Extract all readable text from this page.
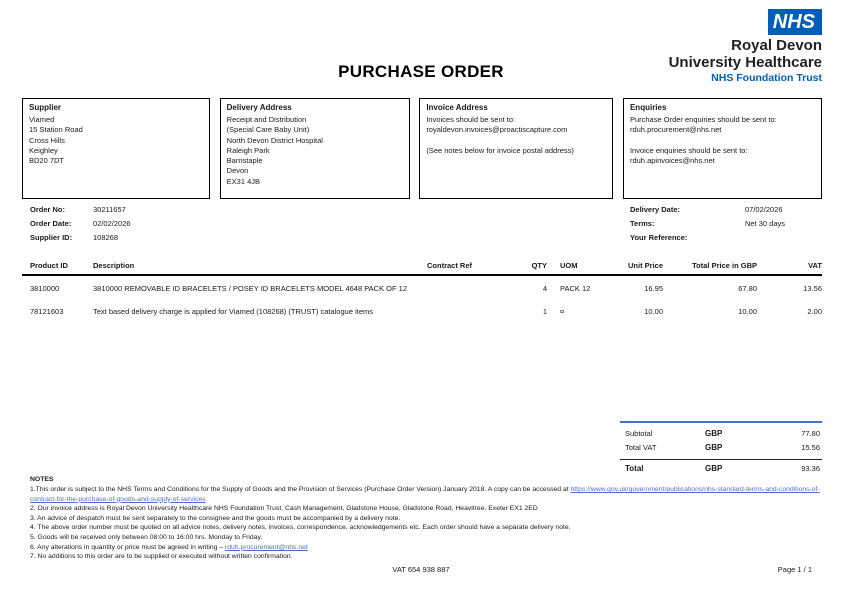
NHS
Royal Devon
University Healthcare
NHS Foundation Trust
PURCHASE ORDER
Supplier
Viamed
15 Station Road
Cross Hills
Keighley
BD20 7DT
Delivery Address
Receipt and Distribution
(Special Care Baby Unit)
North Devon District Hospital
Raleigh Park
Barnstaple
Devon
EX31 4JB
Invoice Address
Invoices should be sent to:
royaldevon.invoices@proactiscapture.com
(See notes below for invoice postal address)
Enquiries
Purchase Order enquiries should be sent to:
rduh.procurement@nhs.net
Invoice enquiries should be sent to:
rduh.apinvoices@nhs.net
Order No:	30211657
Order Date:	02/02/2026
Supplier ID:	108268
Delivery Date:	07/02/2026
Terms:	Net 30 days
Your Reference:
Product ID	Description	Contract Ref	QTY	UOM	Unit Price	Total Price in GBP	VAT
3810000	3810000 REMOVABLE ID BRACELETS / POSEY ID BRACELETS MODEL 4648 PACK OF 12		4	PACK 12	16.95	67.80	13.56
78121603	Text based delivery charge is applied for Viamed (108268) (TRUST) catalogue items		1	¤	10.00	10.00	2.00
Subtotal	GBP	77.80
Total VAT	GBP	15.56
Total	GBP	93.36
NOTES
1.This order is subject to the NHS Terms and Conditions for the Supply of Goods and the Provision of Services (Purchase Order Version) January 2018. A copy can be accessed at https://www.gov.uk/government/publications/nhs-standard-terms-and-conditions-of-contract-for-the-purchase-of-goods-and-supply-of-services
2. Our invoice address is Royal Devon University Healthcare NHS Foundation Trust, Cash Management, Gladstone House, Gladstone Road, Heavitree, Exeter EX1 2ED
3. An advice of despatch must be sent separately to the consignee and the goods must be accompanied by a delivery note.
4. The above order number must be quoted on all advice notes, delivery notes, invoices, correspondence, acknowledgements etc. Each order should have a separate delivery note.
5. Goods will be received only between 08:00 to 16:00 hrs. Monday to Friday.
6. Any alterations in quantity or price must be agreed in writing – rduh.procurement@nhs.net
7. No additions to this order are to be supplied or executed without written confirmation.
VAT 654 938 887	Page 1 / 1
